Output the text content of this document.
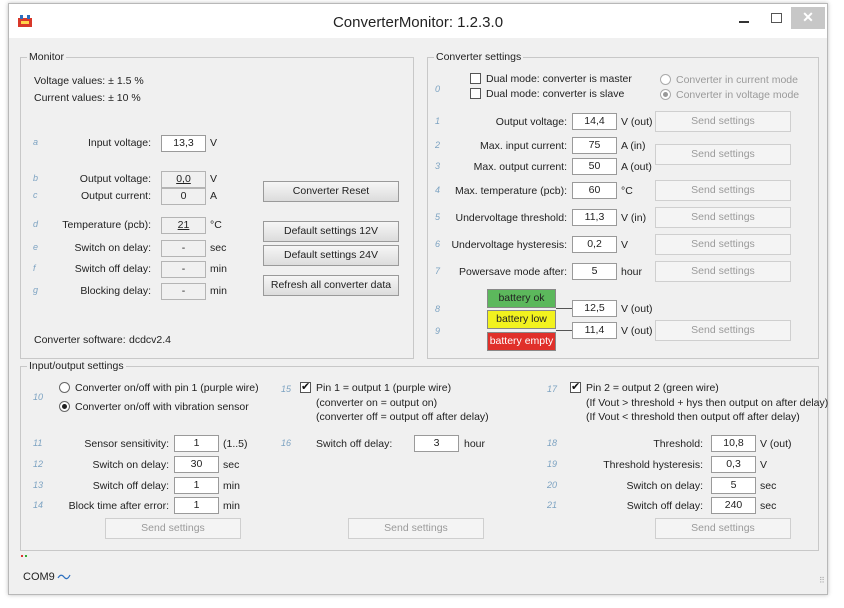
ConverterMonitor: 1.2.3.0	✕
Monitor
Voltage values: ± 1.5 %
Current values: ± 10 %
a	Input voltage:	13,3	V
b	Output voltage:	0,0	V
c	Output current:	0	A
d	Temperature (pcb):	21	°C
e	Switch on delay:	-	sec
f	Switch off delay:	-	min
g	Blocking delay:	-	min
Converter Reset
Default settings 12V
Default settings 24V
Refresh all converter data
Converter software: dcdcv2.4
Converter settings
0
Dual mode: converter is master
Dual mode: converter is slave
Converter in current mode
Converter in voltage mode
1	Output voltage:	14,4	V (out)	Send settings
2	Max. input current:	75	A (in)
3	Max. output current:	50	A (out)
Send settings
4	Max. temperature (pcb):	60	°C	Send settings
5	Undervoltage threshold:	11,3	V (in)	Send settings
6 Undervoltage hysteresis:	0,2	V	Send settings
7	Powersave mode after:	5	hour	Send settings
battery ok
battery low
battery empty
8	12,5	V (out)
9	11,4	V (out)	Send settings
Input/output settings
10
Converter on/off with pin 1 (purple wire)
Converter on/off with vibration sensor
11	Sensor sensitivity:	1	(1..5)
12	Switch on delay:	30	sec
13	Switch off delay:	1	min
14	Block time after error:	1	min
Send settings
15 ✔ Pin 1 = output 1 (purple wire)
(converter on = output on)
(converter off = output off after delay)
16 Switch off delay:	3	hour
Send settings
17 ✔	Pin 2 = output 2 (green wire)
(If Vout > threshold + hys then output on after delay)
(If Vout < threshold then output off after delay)
18	Threshold:	10,8	V (out)
19	Threshold hysteresis:	0,3	V
20	Switch on delay:	5	sec
21	Switch off delay:	240	sec
Send settings
COM9	⠿
